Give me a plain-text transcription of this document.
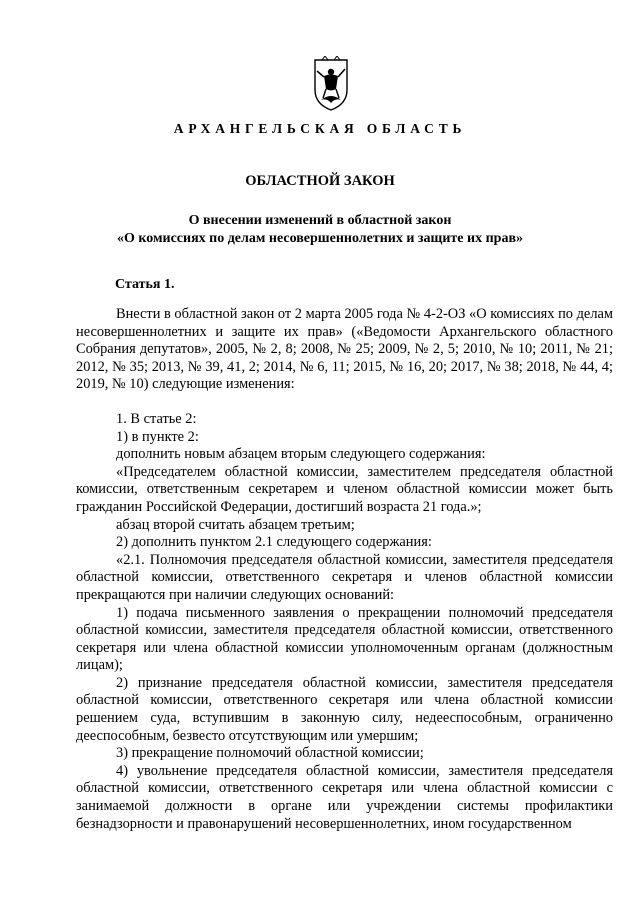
АРХАНГЕЛЬСКАЯ ОБЛАСТЬ
ОБЛАСТНОЙ ЗАКОН
О внесении изменений в областной закон
«О комиссиях по делам несовершеннолетних и защите их прав»
Статья 1.

Внести в областной закон от 2 марта 2005 года № 4-2-ОЗ «О комиссиях по делам несовершеннолетних и защите их прав» («Ведомости Архангельского областного Собрания депутатов», 2005, № 2, 8; 2008, № 25; 2009, № 2, 5; 2010, № 10; 2011, № 21; 2012, № 35; 2013, № 39, 41, 2; 2014, № 6, 11; 2015, № 16, 20; 2017, № 38; 2018, № 44, 4; 2019, № 10) следующие изменения:

1. В статье 2:

1) в пункте 2:

дополнить новым абзацем вторым следующего содержания:

«Председателем областной комиссии, заместителем председателя областной комиссии, ответственным секретарем и членом областной комиссии может быть гражданин Российской Федерации, достигший возраста 21 года.»;

абзац второй считать абзацем третьим;

2) дополнить пунктом 2.1 следующего содержания:

«2.1. Полномочия председателя областной комиссии, заместителя председателя областной комиссии, ответственного секретаря и членов областной комиссии прекращаются при наличии следующих оснований:

1) подача письменного заявления о прекращении полномочий председателя областной комиссии, заместителя председателя областной комиссии, ответственного секретаря или члена областной комиссии уполномоченным органам (должностным лицам);

2) признание председателя областной комиссии, заместителя председателя областной комиссии, ответственного секретаря или члена областной комиссии решением суда, вступившим в законную силу, недееспособным, ограниченно дееспособным, безвесто отсутствующим или умершим;

3) прекращение полномочий областной комиссии;

4) увольнение председателя областной комиссии, заместителя председателя областной комиссии, ответственного секретаря или члена областной комиссии с занимаемой должности в органе или учреждении системы профилактики безнадзорности и правонарушений несовершеннолетних, ином государственном
